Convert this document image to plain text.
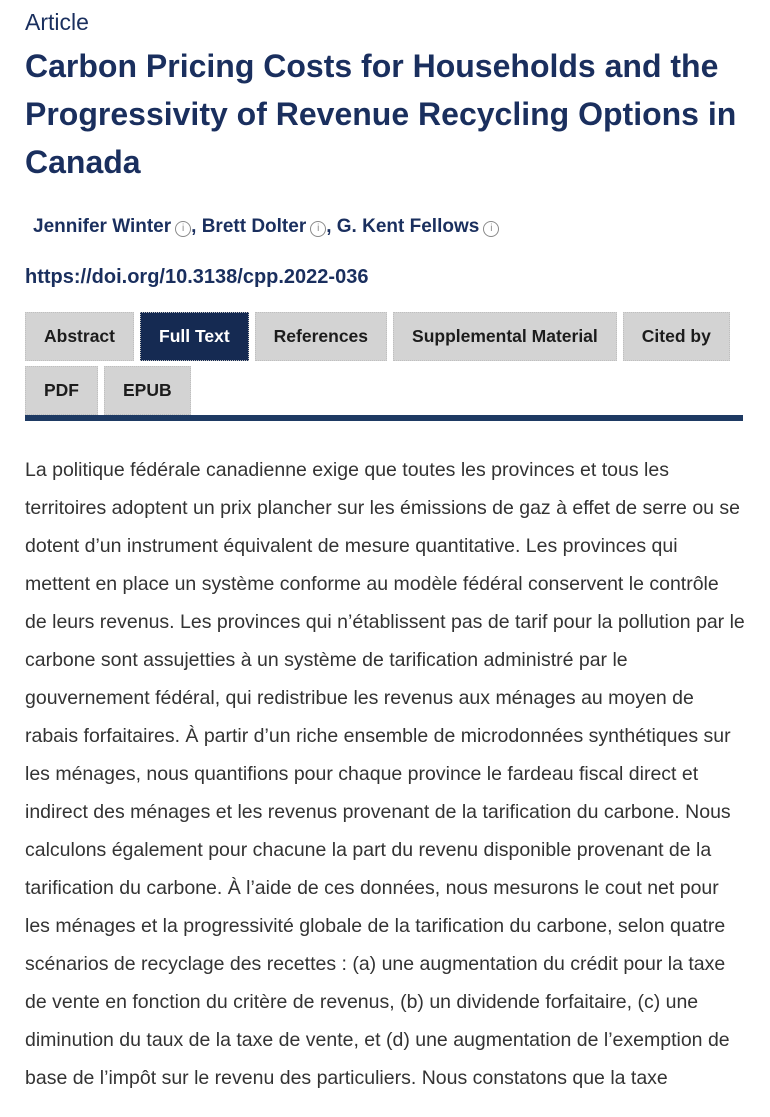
Article
Carbon Pricing Costs for Households and the Progressivity of Revenue Recycling Options in Canada
Jennifer Winter i , Brett Dolter i , G. Kent Fellows i
https://doi.org/10.3138/cpp.2022-036
Abstract	Full Text	References	Supplemental Material	Cited by
PDF	EPUB

La politique fédérale canadienne exige que toutes les provinces et tous les territoires adoptent un prix plancher sur les émissions de gaz à effet de serre ou se dotent d’un instrument équivalent de mesure quantitative. Les provinces qui mettent en place un système conforme au modèle fédéral conservent le contrôle de leurs revenus. Les provinces qui n’établissent pas de tarif pour la pollution par le carbone sont assujetties à un système de tarification administré par le gouvernement fédéral, qui redistribue les revenus aux ménages au moyen de rabais forfaitaires. À partir d’un riche ensemble de microdonnées synthétiques sur les ménages, nous quantifions pour chaque province le fardeau fiscal direct et indirect des ménages et les revenus provenant de la tarification du carbone. Nous calculons également pour chacune la part du revenu disponible provenant de la tarification du carbone. À l’aide de ces données, nous mesurons le cout net pour les ménages et la progressivité globale de la tarification du carbone, selon quatre scénarios de recyclage des recettes : (a) une augmentation du crédit pour la taxe de vente en fonction du critère de revenus, (b) un dividende forfaitaire, (c) une diminution du taux de la taxe de vente, et (d) une augmentation de l’exemption de base de l’impôt sur le revenu des particuliers. Nous constatons que la taxe
